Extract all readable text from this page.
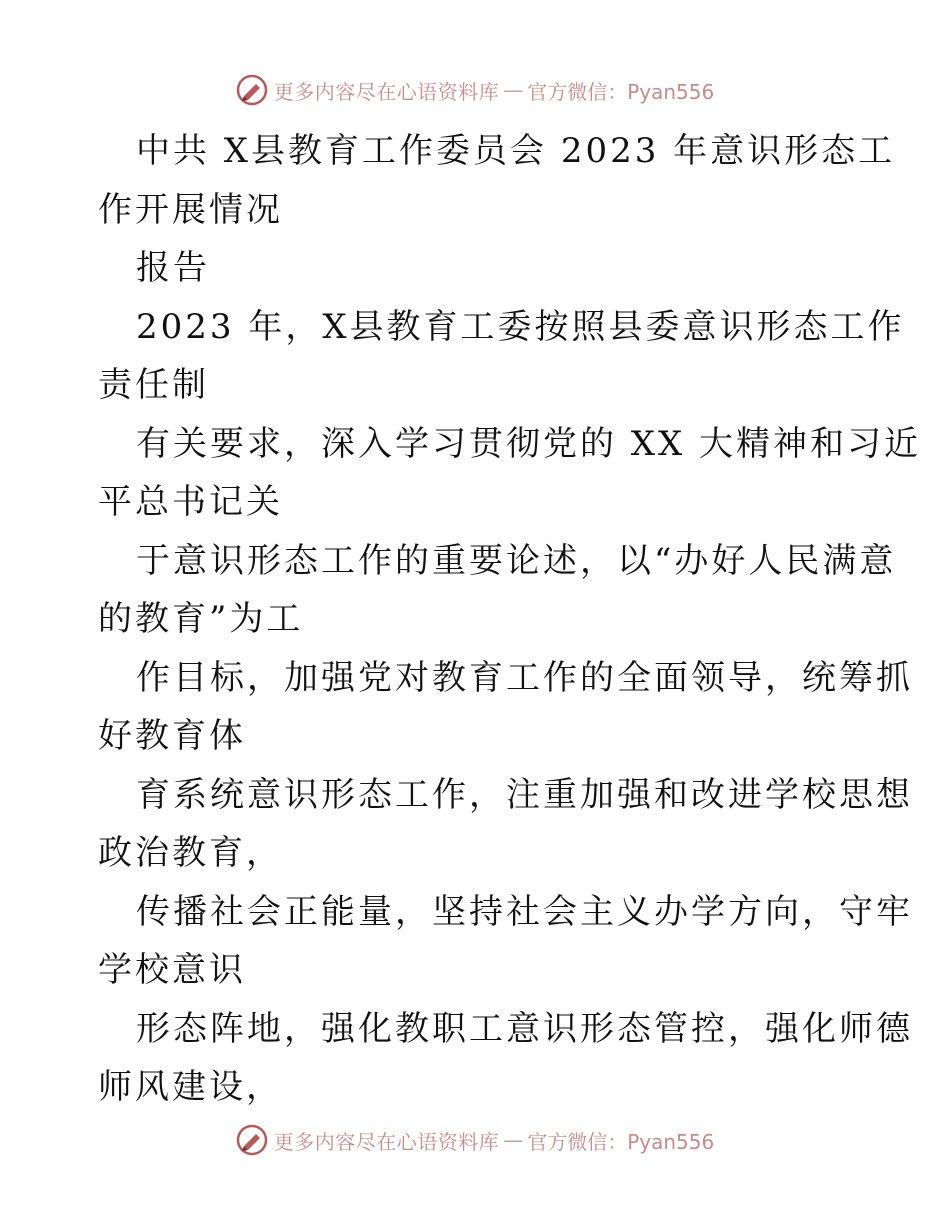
更多内容尽在心语资料库 — 官方微信：Pyan556
中共 X县教育工作委员会 2023 年意识形态工
作开展情况
报告
2023 年，X县教育工委按照县委意识形态工作
责任制
有关要求，深入学习贯彻党的 XX 大精神和习近
平总书记关
于意识形态工作的重要论述，以“办好人民满意
的教育”为工
作目标，加强党对教育工作的全面领导，统筹抓
好教育体
育系统意识形态工作，注重加强和改进学校思想
政治教育，
传播社会正能量，坚持社会主义办学方向，守牢
学校意识
形态阵地，强化教职工意识形态管控，强化师德
师风建设，
更多内容尽在心语资料库 — 官方微信：Pyan556
